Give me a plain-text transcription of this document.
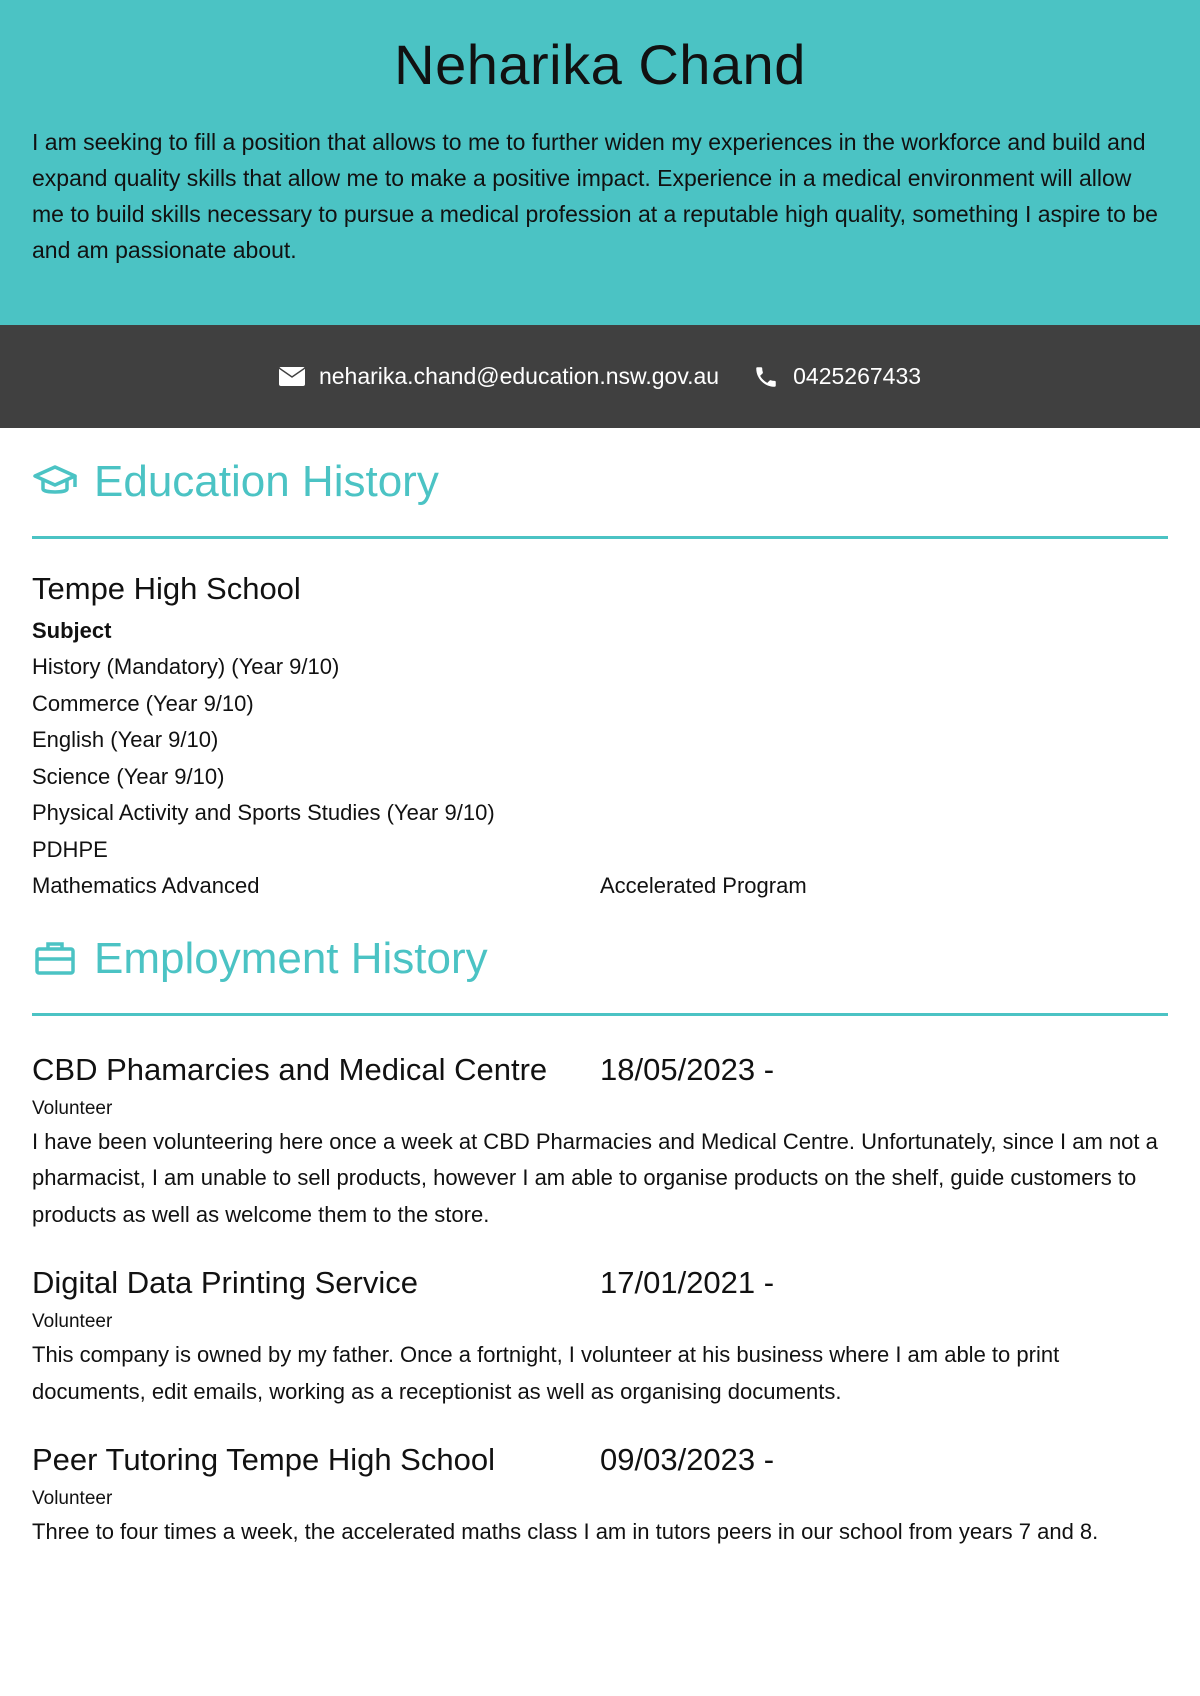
Neharika Chand

I am seeking to fill a position that allows to me to further widen my experiences in the workforce and build and expand quality skills that allow me to make a positive impact. Experience in a medical environment will allow me to build skills necessary to pursue a medical profession at a reputable high quality, something I aspire to be and am passionate about.

neharika.chand@education.nsw.gov.au	0425267433
Education History
Tempe High School
Subject
History (Mandatory) (Year 9/10)
Commerce (Year 9/10)
English (Year 9/10)
Science (Year 9/10)
Physical Activity and Sports Studies (Year 9/10)
PDHPE
Mathematics Advanced	Accelerated Program
Employment History
CBD Phamarcies and Medical Centre	18/05/2023 -
Volunteer
I have been volunteering here once a week at CBD Pharmacies and Medical Centre. Unfortunately, since I am not a pharmacist, I am unable to sell products, however I am able to organise products on the shelf, guide customers to products as well as welcome them to the store.
Digital Data Printing Service	17/01/2021 -
Volunteer
This company is owned by my father. Once a fortnight, I volunteer at his business where I am able to print documents, edit emails, working as a receptionist as well as organising documents.
Peer Tutoring Tempe High School	09/03/2023 -
Volunteer
Three to four times a week, the accelerated maths class I am in tutors peers in our school from years 7 and 8.
